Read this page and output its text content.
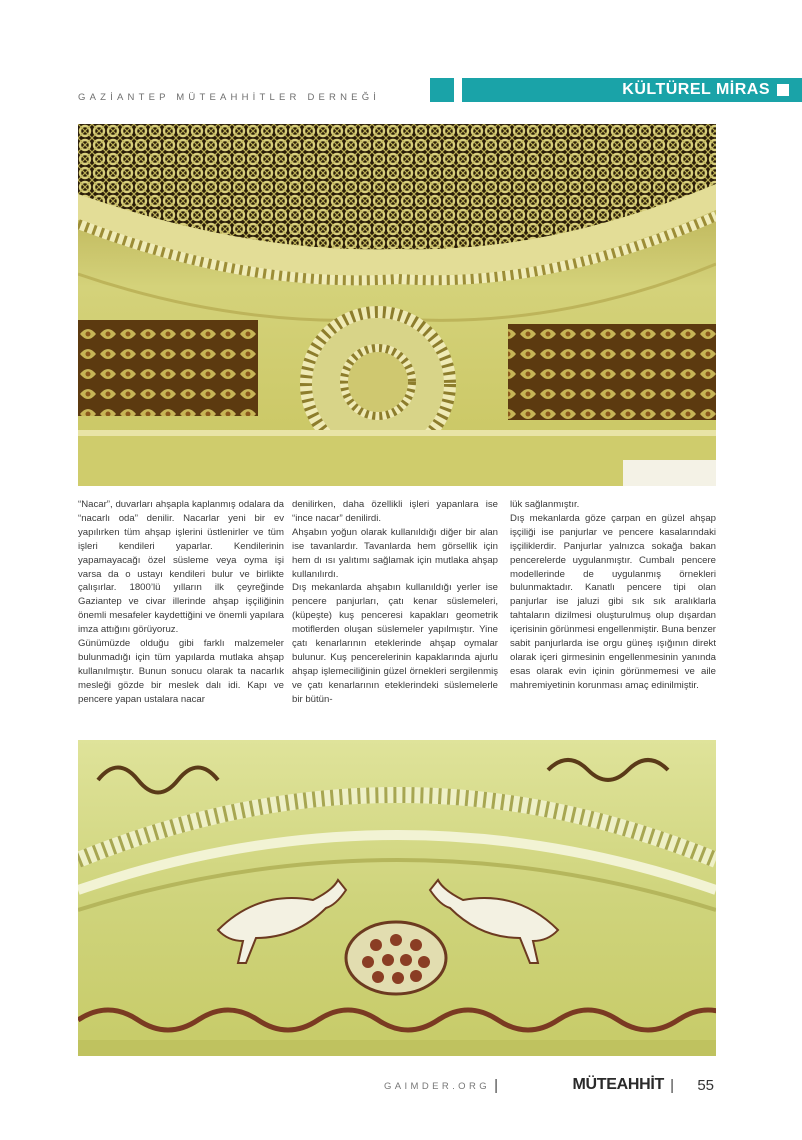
GAZİANTEP MÜTEAHHİTLER DERNEĞİ	KÜLTÜREL MİRAS

“Nacar”, duvarları ahşapla kaplanmış odalara da “nacarlı oda” denilir. Nacarlar yeni bir ev yapılırken tüm ahşap işlerini üstlenirler ve tüm işleri kendileri yaparlar. Kendilerinin yapamayacağı özel süsleme veya oyma işi varsa da o ustayı kendileri bulur ve birlikte çalışırlar. 1800’lü yılların ilk çeyreğinde Gaziantep ve civar illerinde ahşap işçiliğinin önemli mesafeler kaydettiğini ve önemli yapılara imza attığını görüyoruz.

Günümüzde olduğu gibi farklı malzemeler bulunmadığı için tüm yapılarda mutlaka ahşap kullanılmıştır. Bunun sonucu olarak ta nacarlık mesleği gözde bir meslek dalı idi. Kapı ve pencere yapan ustalara nacar

denilirken, daha özellikli işleri yapanlara ise “ince nacar” denilirdi.

Ahşabın yoğun olarak kullanıldığı diğer bir alan ise tavanlardır. Tavanlarda hem görsellik için hem dı ısı yalıtımı sağlamak için mutlaka ahşap kullanılırdı.

Dış mekanlarda ahşabın kullanıldığı yerler ise pencere panjurları, çatı kenar süslemeleri, (küpeşte) kuş penceresi kapakları geometrik motiflerden oluşan süslemeler yapılmıştır. Yine çatı kenarlarının eteklerinde ahşap oymalar bulunur. Kuş pencerelerinin kapaklarında ajurlu ahşap işlemeciliğinin güzel örnekleri sergilenmiş ve çatı kenarlarının eteklerindeki süslemelerle bir bütün-

lük sağlanmıştır.

Dış mekanlarda göze çarpan en güzel ahşap işçiliği ise panjurlar ve pencere kasalarındaki işçiliklerdir. Panjurlar yalnızca sokağa bakan pencerelerde uygulanmıştır. Cumbalı pencere modellerinde de uygulanmış örnekleri bulunmaktadır. Kanatlı pencere tipi olan panjurlar ise jaluzi gibi sık sık aralıklarla tahtaların dizilmesi oluşturulmuş olup dışardan içerisinin görünmesi engellenmiştir. Buna benzer sabit panjurlarda ise orgu güneş ışığının direkt olarak içeri girmesinin engellenmesinin yanında esas olarak evin içinin görünmemesi ve aile mahremiyetinin korunması amaç edinilmiştir.

GAIMDER.ORG |	MÜTEAHHİT | 55
